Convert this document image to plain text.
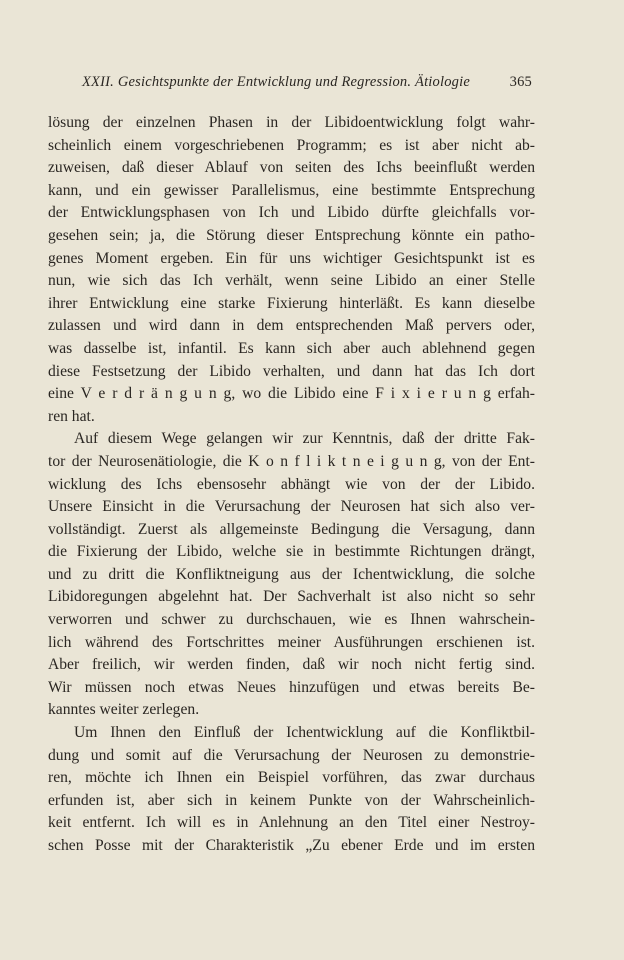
XXII. Gesichtspunkte der Entwicklung und Regression. Ätiologie	365
lösung der einzelnen Phasen in der Libidoentwicklung folgt wahr-
scheinlich einem vorgeschriebenen Programm; es ist aber nicht ab-
zuweisen, daß dieser Ablauf von seiten des Ichs beeinflußt werden
kann, und ein gewisser Parallelismus, eine bestimmte Entsprechung
der Entwicklungsphasen von Ich und Libido dürfte gleichfalls vor-
gesehen sein; ja, die Störung dieser Entsprechung könnte ein patho-
genes Moment ergeben. Ein für uns wichtiger Gesichtspunkt ist es
nun, wie sich das Ich verhält, wenn seine Libido an einer Stelle
ihrer Entwicklung eine starke Fixierung hinterläßt. Es kann dieselbe
zulassen und wird dann in dem entsprechenden Maß pervers oder,
was dasselbe ist, infantil. Es kann sich aber auch ablehnend gegen
diese Festsetzung der Libido verhalten, und dann hat das Ich dort
eine V e r d r ä n g u n g, wo die Libido eine F i x i e r u n g erfah-
ren hat.
Auf diesem Wege gelangen wir zur Kenntnis, daß der dritte Fak-
tor der Neurosenätiologie, die K o n f l i k t n e i g u n g, von der Ent-
wicklung des Ichs ebensosehr abhängt wie von der der Libido.
Unsere Einsicht in die Verursachung der Neurosen hat sich also ver-
vollständigt. Zuerst als allgemeinste Bedingung die Versagung, dann
die Fixierung der Libido, welche sie in bestimmte Richtungen drängt,
und zu dritt die Konfliktneigung aus der Ichentwicklung, die solche
Libidoregungen abgelehnt hat. Der Sachverhalt ist also nicht so sehr
verworren und schwer zu durchschauen, wie es Ihnen wahrschein-
lich während des Fortschrittes meiner Ausführungen erschienen ist.
Aber freilich, wir werden finden, daß wir noch nicht fertig sind.
Wir müssen noch etwas Neues hinzufügen und etwas bereits Be-
kanntes weiter zerlegen.
Um Ihnen den Einfluß der Ichentwicklung auf die Konfliktbil-
dung und somit auf die Verursachung der Neurosen zu demonstrie-
ren, möchte ich Ihnen ein Beispiel vorführen, das zwar durchaus
erfunden ist, aber sich in keinem Punkte von der Wahrscheinlich-
keit entfernt. Ich will es in Anlehnung an den Titel einer Nestroy-
schen Posse mit der Charakteristik „Zu ebener Erde und im ersten
